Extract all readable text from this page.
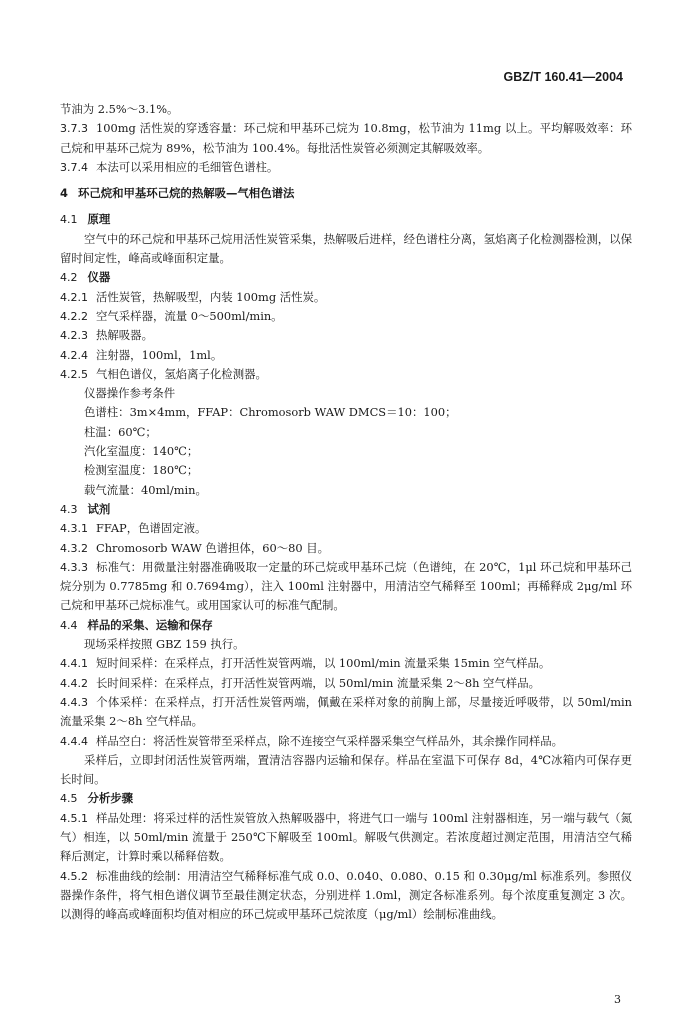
GBZ/T 160.41—2004
节油为 2.5%～3.1%。
3.7.3 100mg 活性炭的穿透容量：环己烷和甲基环己烷为 10.8mg，松节油为 11mg 以上。平均解吸效率：环己烷和甲基环己烷为 89%，松节油为 100.4%。每批活性炭管必须测定其解吸效率。
3.7.4 本法可以采用相应的毛细管色谱柱。
4 环己烷和甲基环己烷的热解吸—气相色谱法
4.1 原理
空气中的环己烷和甲基环己烷用活性炭管采集，热解吸后进样，经色谱柱分离，氢焰离子化检测器检测，以保留时间定性，峰高或峰面积定量。
4.2 仪器
4.2.1 活性炭管，热解吸型，内装 100mg 活性炭。
4.2.2 空气采样器，流量 0～500ml/min。
4.2.3 热解吸器。
4.2.4 注射器，100ml，1ml。
4.2.5 气相色谱仪，氢焰离子化检测器。
仪器操作参考条件
色谱柱：3m×4mm，FFAP：Chromosorb WAW DMCS＝10：100；
柱温：60℃；
汽化室温度：140℃；
检测室温度：180℃；
载气流量：40ml/min。
4.3 试剂
4.3.1 FFAP，色谱固定液。
4.3.2 Chromosorb WAW 色谱担体，60～80 目。
4.3.3 标准气：用微量注射器准确吸取一定量的环己烷或甲基环己烷（色谱纯，在 20℃，1μl 环己烷和甲基环己烷分别为 0.7785mg 和 0.7694mg），注入 100ml 注射器中，用清洁空气稀释至 100ml；再稀释成 2μg/ml 环己烷和甲基环己烷标准气。或用国家认可的标准气配制。
4.4 样品的采集、运输和保存
现场采样按照 GBZ 159 执行。
4.4.1 短时间采样：在采样点，打开活性炭管两端，以 100ml/min 流量采集 15min 空气样品。
4.4.2 长时间采样：在采样点，打开活性炭管两端，以 50ml/min 流量采集 2～8h 空气样品。
4.4.3 个体采样：在采样点，打开活性炭管两端，佩戴在采样对象的前胸上部，尽量接近呼吸带，以 50ml/min 流量采集 2～8h 空气样品。
4.4.4 样品空白：将活性炭管带至采样点，除不连接空气采样器采集空气样品外，其余操作同样品。
采样后，立即封闭活性炭管两端，置清洁容器内运输和保存。样品在室温下可保存 8d，4℃冰箱内可保存更长时间。
4.5 分析步骤
4.5.1 样品处理：将采过样的活性炭管放入热解吸器中，将进气口一端与 100ml 注射器相连，另一端与载气（氮气）相连，以 50ml/min 流量于 250℃下解吸至 100ml。解吸气供测定。若浓度超过测定范围，用清洁空气稀释后测定，计算时乘以稀释倍数。
4.5.2 标准曲线的绘制：用清洁空气稀释标准气成 0.0、0.040、0.080、0.15 和 0.30μg/ml 标准系列。参照仪器操作条件，将气相色谱仪调节至最佳测定状态，分别进样 1.0ml，测定各标准系列。每个浓度重复测定 3 次。以测得的峰高或峰面积均值对相应的环己烷或甲基环己烷浓度（μg/ml）绘制标准曲线。
3
